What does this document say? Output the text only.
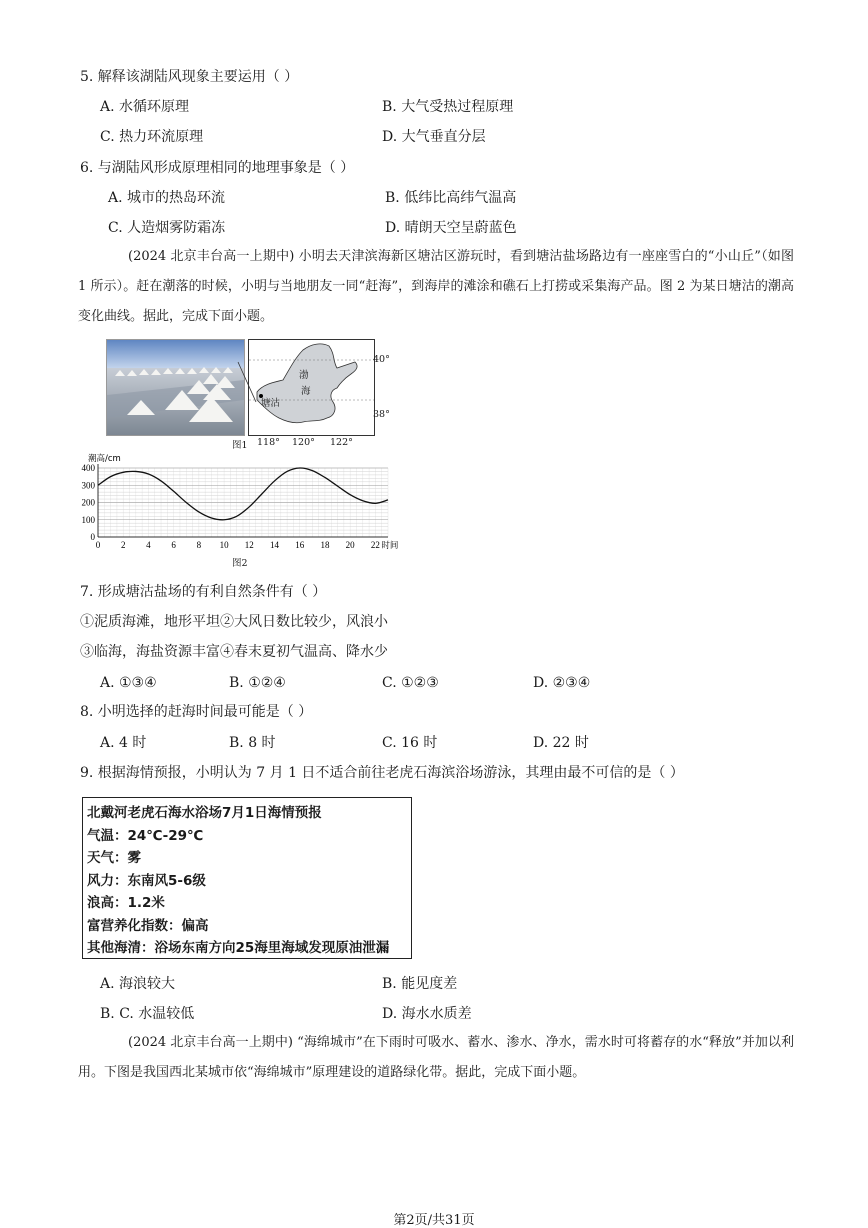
5. 解释该湖陆风现象主要运用（ ）
A. 水循环原理	B. 大气受热过程原理
C. 热力环流原理	D. 大气垂直分层
6. 与湖陆风形成原理相同的地理事象是（ ）
A. 城市的热岛环流	B. 低纬比高纬气温高
C. 人造烟雾防霜冻	D. 晴朗天空呈蔚蓝色
(2024 北京丰台高一上期中) 小明去天津滨海新区塘沽区游玩时，看到塘沽盐场路边有一座座雪白的“小山丘”（如图 1 所示）。赶在潮落的时候，小明与当地朋友一同“赶海”，到海岸的滩涂和礁石上打捞或采集海产品。图 2 为某日塘沽的潮高变化曲线。据此，完成下面小题。
渤
海
塘沽
40°
38°
118° 120° 122°
图1
0
100
200
300
400
0 2 4 6 8 10 12 14 16 18 20 22
潮高/cm
时间
图2
7. 形成塘沽盐场的有利自然条件有（ ）
①泥质海滩，地形平坦②大风日数比较少，风浪小
③临海，海盐资源丰富④春末夏初气温高、降水少
A. ①③④	B. ①②④	C. ①②③	D. ②③④
8. 小明选择的赶海时间最可能是（ ）
A. 4 时	B. 8 时	C. 16 时	D. 22 时
9. 根据海情预报，小明认为 7 月 1 日不适合前往老虎石海滨浴场游泳，其理由最不可信的是（ ）
北戴河老虎石海水浴场7月1日海情预报
气温：24℃-29℃
天气：雾
风力：东南风5-6级
浪高：1.2米
富营养化指数：偏高
其他海清：浴场东南方向25海里海域发现原油泄漏
A. 海浪较大	B. 能见度差
B. C. 水温较低	D. 海水水质差
(2024 北京丰台高一上期中) “海绵城市”在下雨时可吸水、蓄水、渗水、净水，需水时可将蓄存的水“释放”并加以利用。下图是我国西北某城市依“海绵城市”原理建设的道路绿化带。据此，完成下面小题。
第2页/共31页
